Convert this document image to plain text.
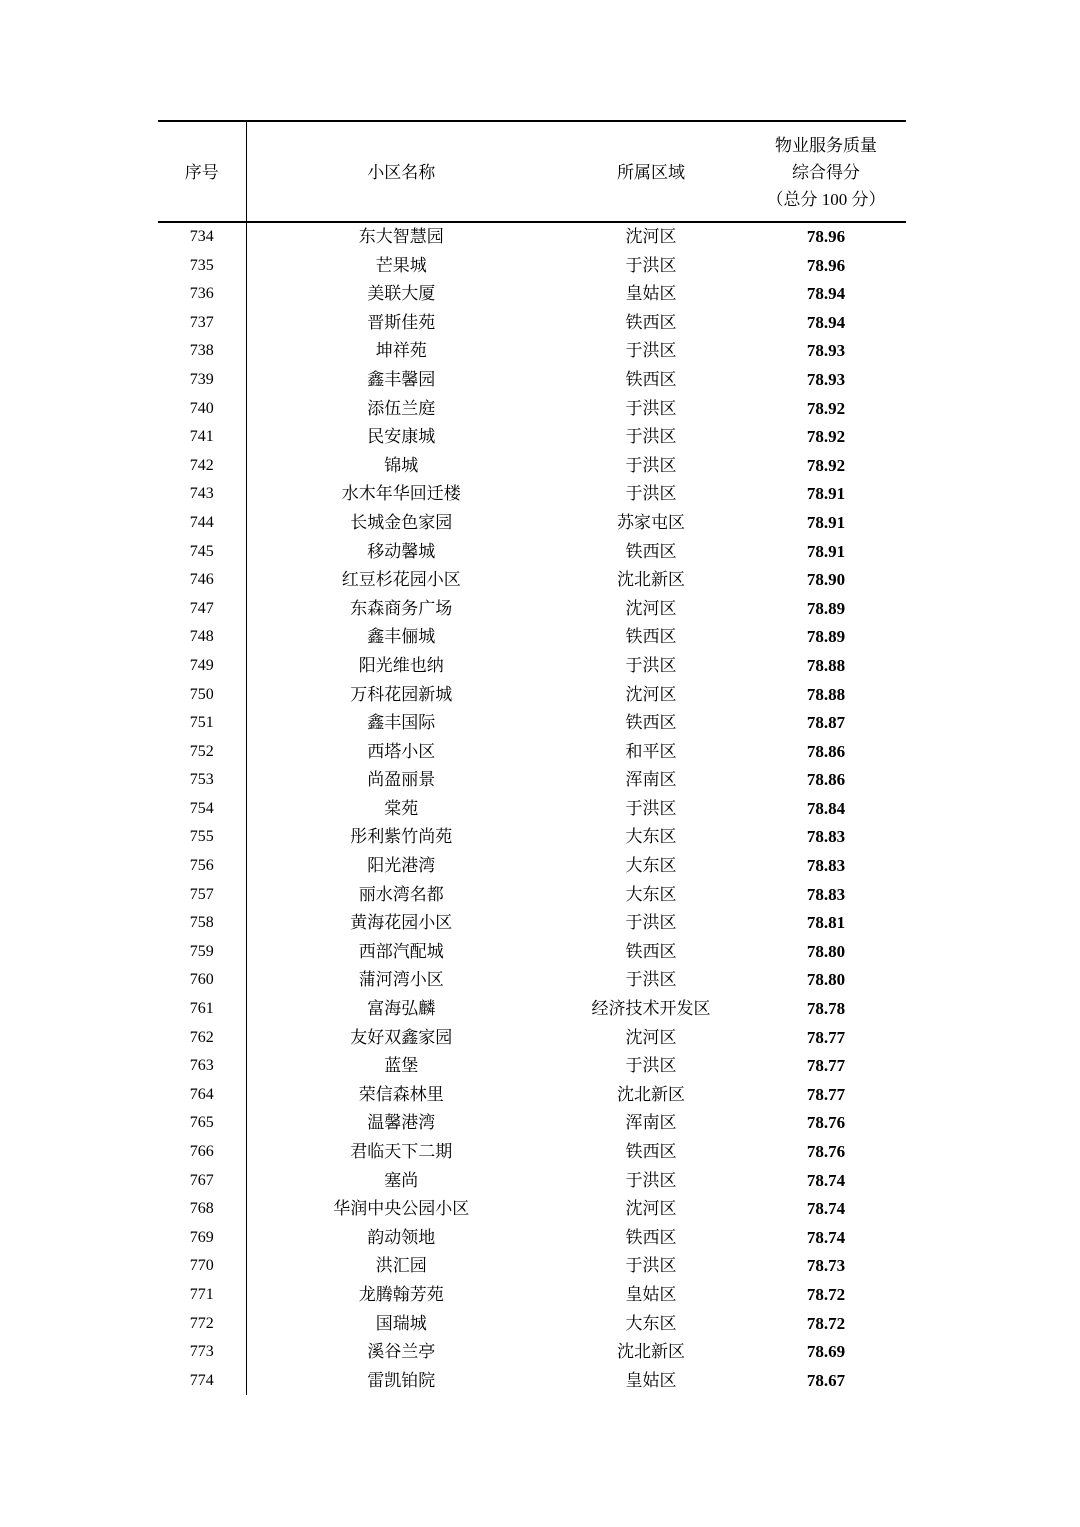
序号	小区名称	所属区域	物业服务质量
综合得分
（总分 100 分）

734	东大智慧园	沈河区	78.96
735	芒果城	于洪区	78.96
736	美联大厦	皇姑区	78.94
737	晋斯佳苑	铁西区	78.94
738	坤祥苑	于洪区	78.93
739	鑫丰馨园	铁西区	78.93
740	添伍兰庭	于洪区	78.92
741	民安康城	于洪区	78.92
742	锦城	于洪区	78.92
743	水木年华回迁楼	于洪区	78.91
744	长城金色家园	苏家屯区	78.91
745	移动馨城	铁西区	78.91
746	红豆杉花园小区	沈北新区	78.90
747	东森商务广场	沈河区	78.89
748	鑫丰俪城	铁西区	78.89
749	阳光维也纳	于洪区	78.88
750	万科花园新城	沈河区	78.88
751	鑫丰国际	铁西区	78.87
752	西塔小区	和平区	78.86
753	尚盈丽景	浑南区	78.86
754	棠苑	于洪区	78.84
755	彤利紫竹尚苑	大东区	78.83
756	阳光港湾	大东区	78.83
757	丽水湾名都	大东区	78.83
758	黄海花园小区	于洪区	78.81
759	西部汽配城	铁西区	78.80
760	蒲河湾小区	于洪区	78.80
761	富海弘麟	经济技术开发区	78.78
762	友好双鑫家园	沈河区	78.77
763	蓝堡	于洪区	78.77
764	荣信森林里	沈北新区	78.77
765	温馨港湾	浑南区	78.76
766	君临天下二期	铁西区	78.76
767	塞尚	于洪区	78.74
768	华润中央公园小区	沈河区	78.74
769	韵动领地	铁西区	78.74
770	洪汇园	于洪区	78.73
771	龙腾翰芳苑	皇姑区	78.72
772	国瑞城	大东区	78.72
773	溪谷兰亭	沈北新区	78.69
774	雷凯铂院	皇姑区	78.67
